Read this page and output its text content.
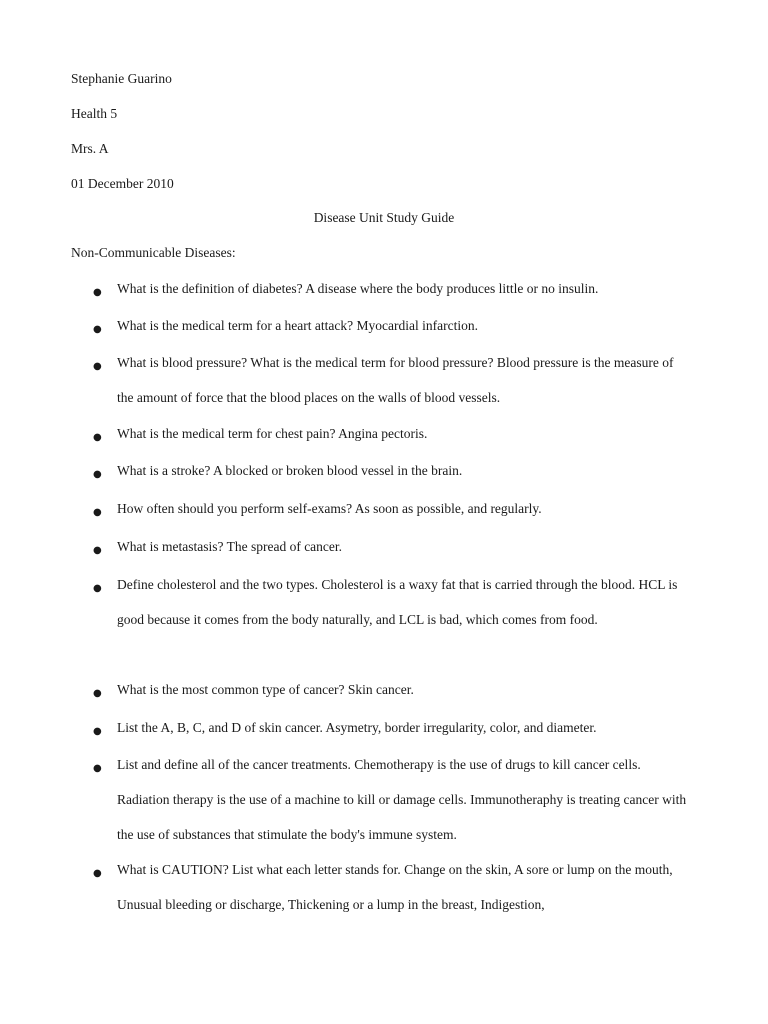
Stephanie Guarino
Health 5
Mrs. A
01 December 2010
Disease Unit Study Guide
Non-Communicable Diseases:
● What is the definition of diabetes? A disease where the body produces little or no insulin.
● What is the medical term for a heart attack? Myocardial infarction.
● What is blood pressure? What is the medical term for blood pressure? Blood pressure is the measure of the amount of force that the blood places on the walls of blood vessels.
● What is the medical term for chest pain? Angina pectoris.
● What is a stroke? A blocked or broken blood vessel in the brain.
● How often should you perform self-exams? As soon as possible, and regularly.
● What is metastasis? The spread of cancer.
● Define cholesterol and the two types. Cholesterol is a waxy fat that is carried through the blood. HCL is good because it comes from the body naturally, and LCL is bad, which comes from food.
● What is the most common type of cancer? Skin cancer.
● List the A, B, C, and D of skin cancer. Asymetry, border irregularity, color, and diameter.
● List and define all of the cancer treatments. Chemotherapy is the use of drugs to kill cancer cells. Radiation therapy is the use of a machine to kill or damage cells. Immunotheraphy is treating cancer with the use of substances that stimulate the body's immune system.
● What is CAUTION? List what each letter stands for. Change on the skin, A sore or lump on the mouth, Unusual bleeding or discharge, Thickening or a lump in the breast, Indigestion,
